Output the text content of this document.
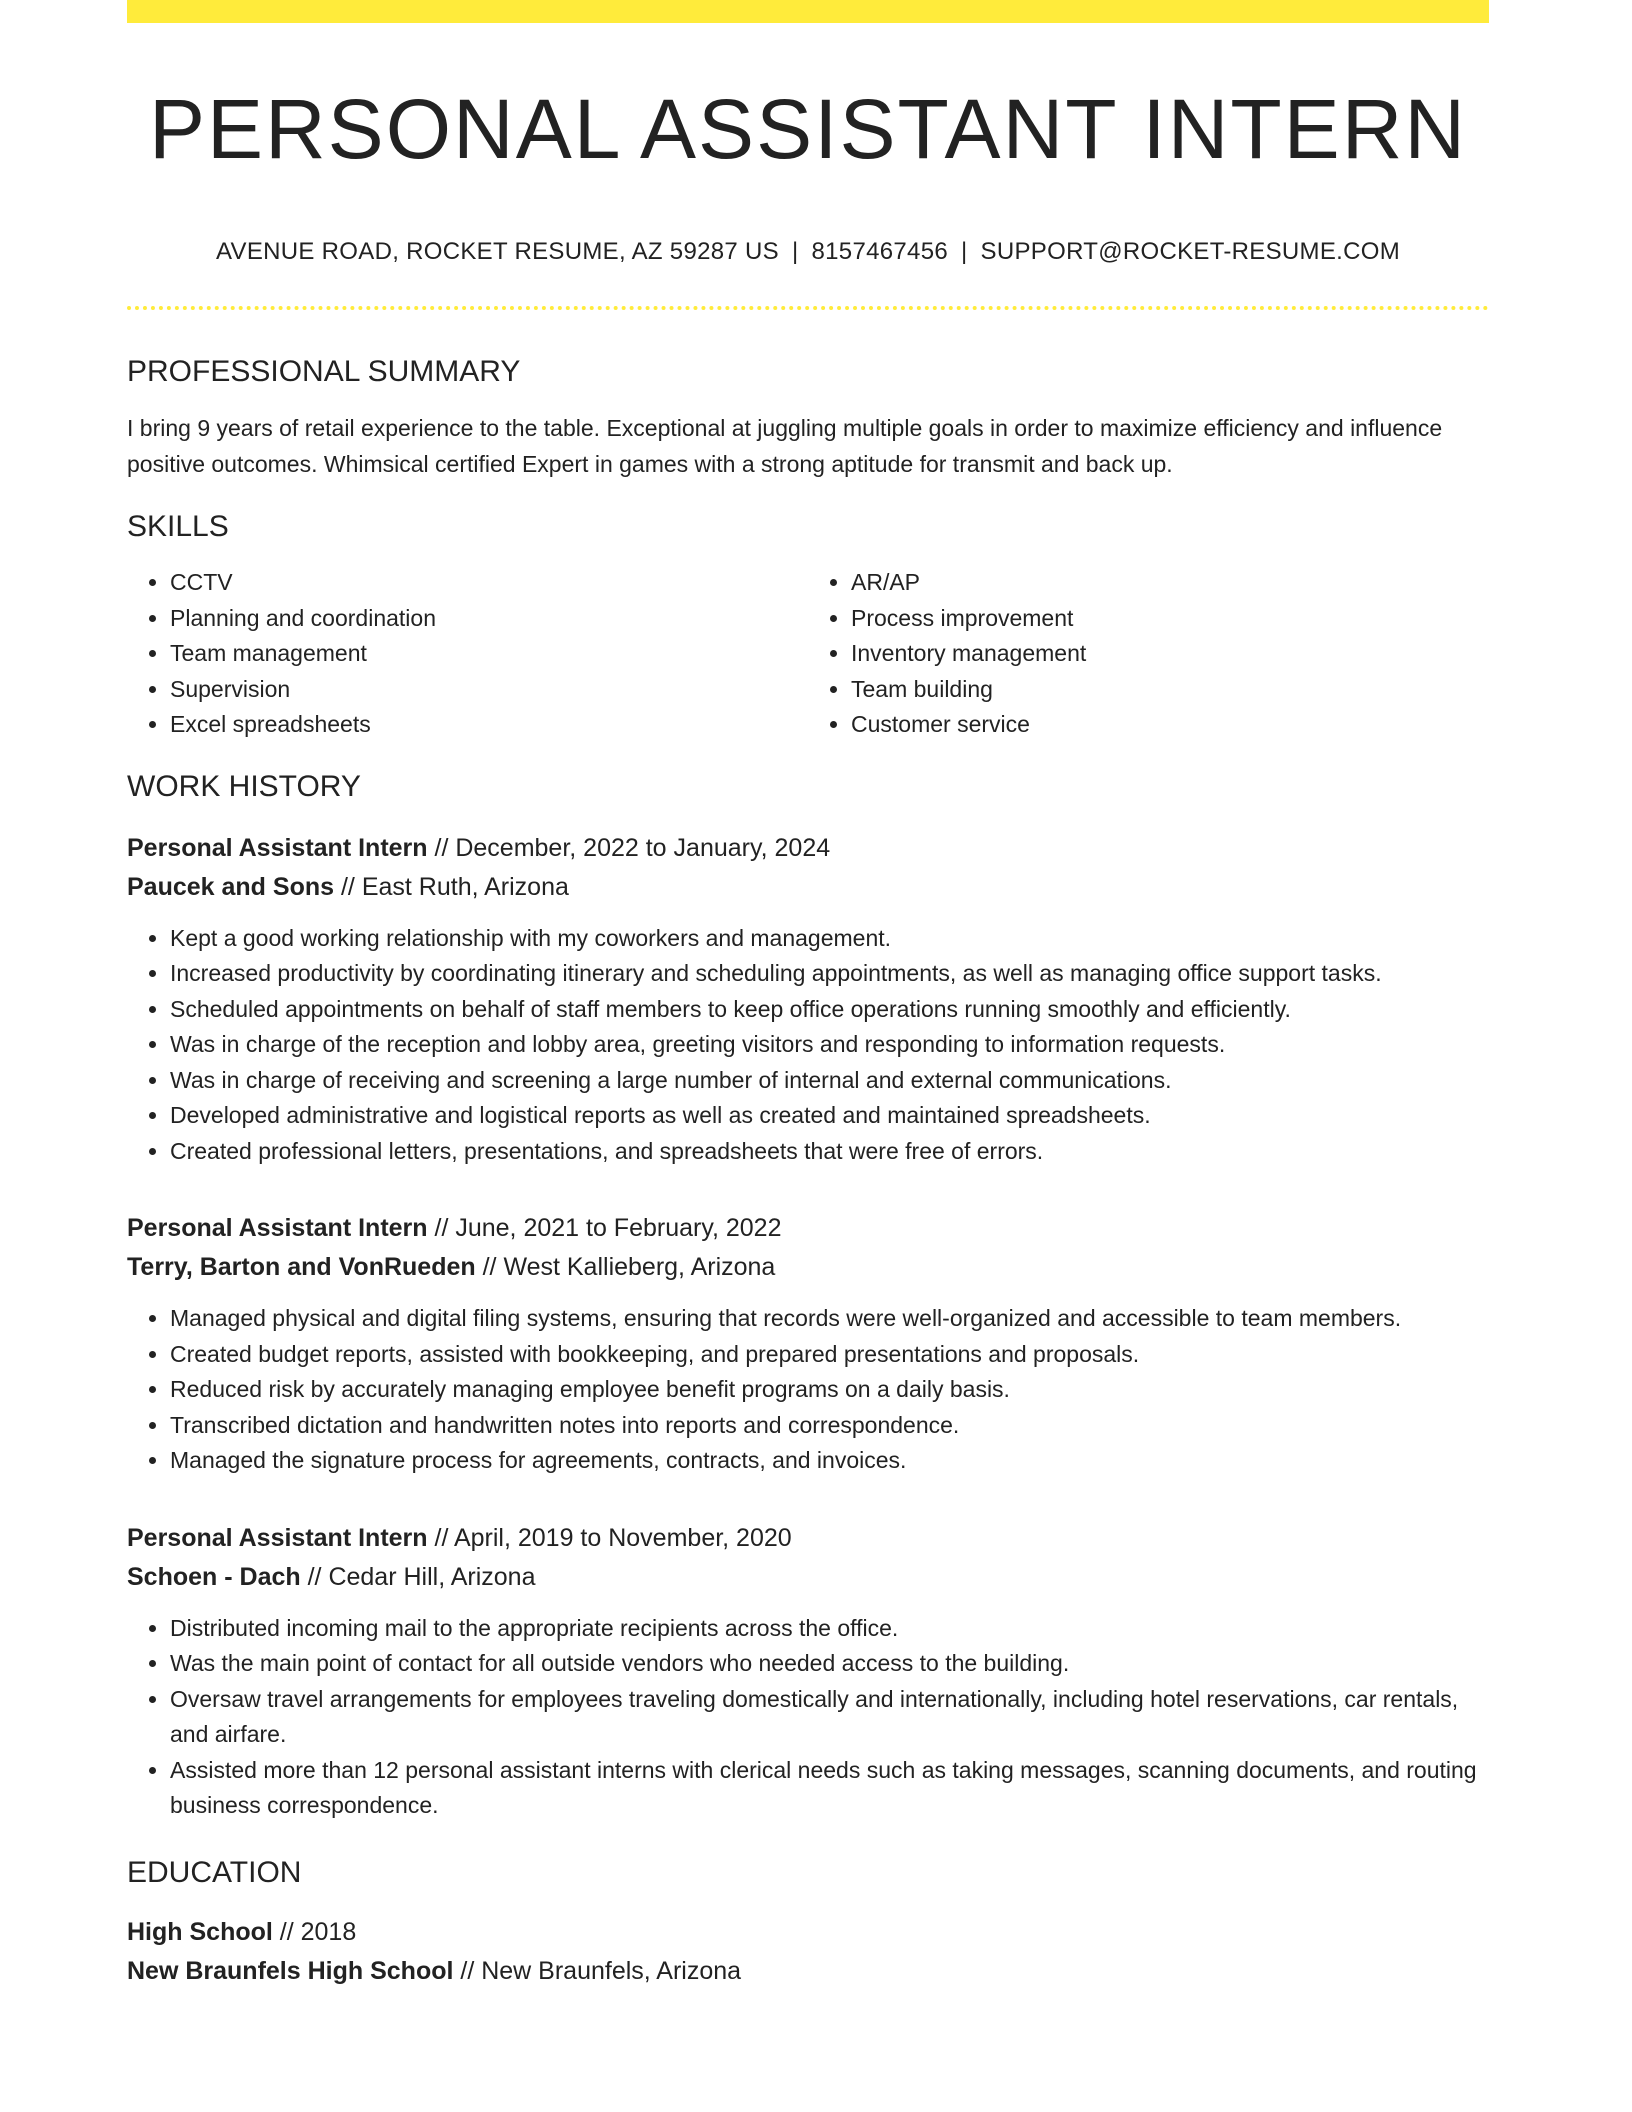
PERSONAL ASSISTANT INTERN
AVENUE ROAD, ROCKET RESUME, AZ 59287 US | 8157467456 | SUPPORT@ROCKET-RESUME.COM
PROFESSIONAL SUMMARY
I bring 9 years of retail experience to the table. Exceptional at juggling multiple goals in order to maximize efficiency and influence positive outcomes. Whimsical certified Expert in games with a strong aptitude for transmit and back up.
SKILLS
• CCTV
• Planning and coordination
• Team management
• Supervision
• Excel spreadsheets
• AR/AP
• Process improvement
• Inventory management
• Team building
• Customer service
WORK HISTORY
Personal Assistant Intern // December, 2022 to January, 2024
Paucek and Sons // East Ruth, Arizona
• Kept a good working relationship with my coworkers and management.
• Increased productivity by coordinating itinerary and scheduling appointments, as well as managing office support tasks.
• Scheduled appointments on behalf of staff members to keep office operations running smoothly and efficiently.
• Was in charge of the reception and lobby area, greeting visitors and responding to information requests.
• Was in charge of receiving and screening a large number of internal and external communications.
• Developed administrative and logistical reports as well as created and maintained spreadsheets.
• Created professional letters, presentations, and spreadsheets that were free of errors.
Personal Assistant Intern // June, 2021 to February, 2022
Terry, Barton and VonRueden // West Kallieberg, Arizona
• Managed physical and digital filing systems, ensuring that records were well-organized and accessible to team members.
• Created budget reports, assisted with bookkeeping, and prepared presentations and proposals.
• Reduced risk by accurately managing employee benefit programs on a daily basis.
• Transcribed dictation and handwritten notes into reports and correspondence.
• Managed the signature process for agreements, contracts, and invoices.
Personal Assistant Intern // April, 2019 to November, 2020
Schoen - Dach // Cedar Hill, Arizona
• Distributed incoming mail to the appropriate recipients across the office.
• Was the main point of contact for all outside vendors who needed access to the building.
• Oversaw travel arrangements for employees traveling domestically and internationally, including hotel reservations, car rentals, and airfare.
• Assisted more than 12 personal assistant interns with clerical needs such as taking messages, scanning documents, and routing business correspondence.
EDUCATION
High School // 2018
New Braunfels High School // New Braunfels, Arizona
